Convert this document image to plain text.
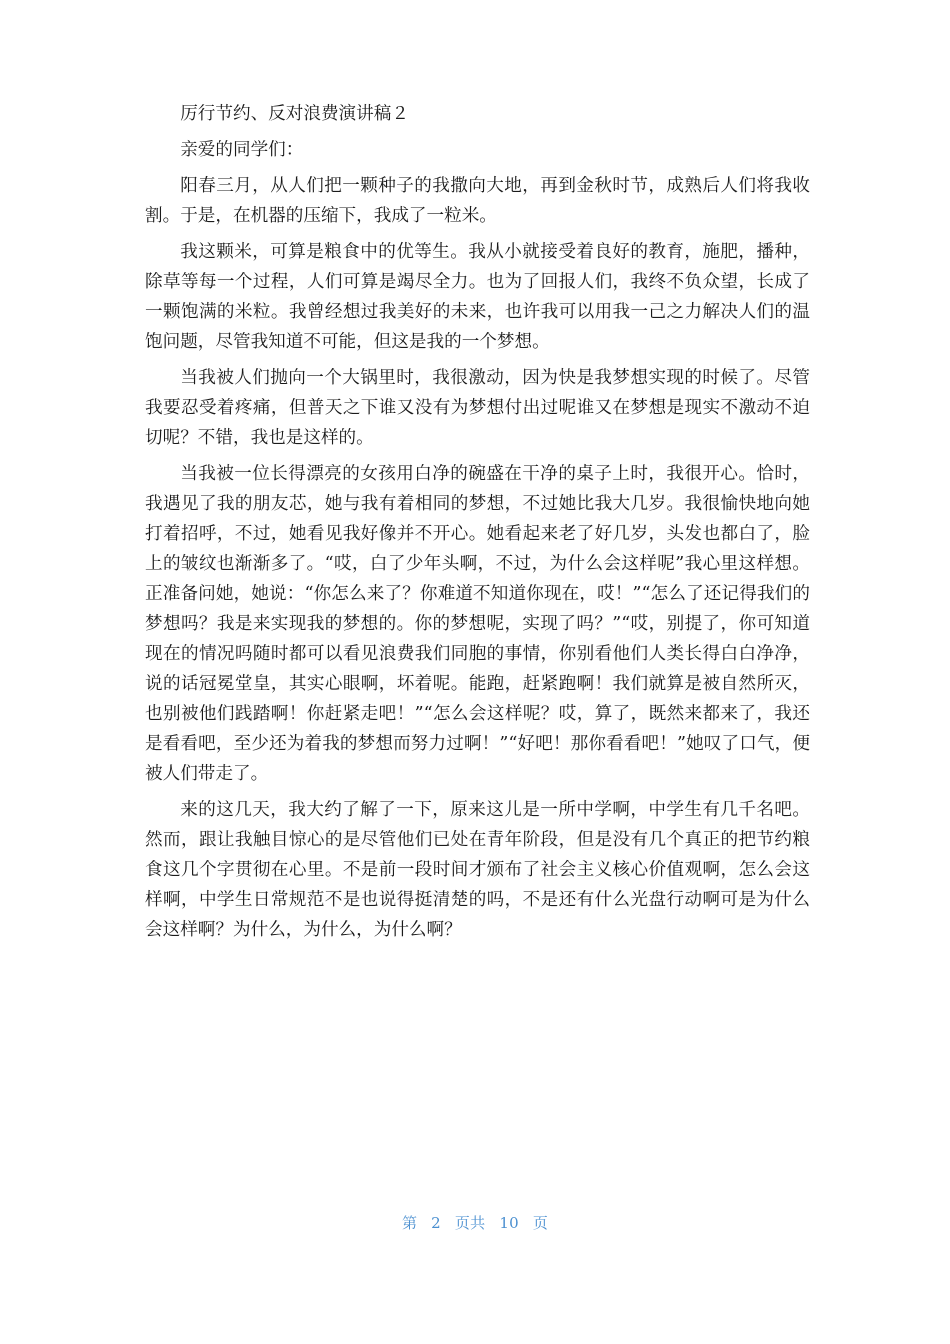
厉行节约、反对浪费演讲稿２

亲爱的同学们：

阳春三月，从人们把一颗种子的我撒向大地，再到金秋时节，成熟后人们将我收割。于是，在机器的压缩下，我成了一粒米。

我这颗米，可算是粮食中的优等生。我从小就接受着良好的教育，施肥，播种，除草等每一个过程，人们可算是竭尽全力。也为了回报人们，我终不负众望，长成了一颗饱满的米粒。我曾经想过我美好的未来，也许我可以用我一己之力解决人们的温饱问题，尽管我知道不可能，但这是我的一个梦想。

当我被人们抛向一个大锅里时，我很激动，因为快是我梦想实现的时候了。尽管我要忍受着疼痛，但普天之下谁又没有为梦想付出过呢谁又在梦想是现实不激动不迫切呢？不错，我也是这样的。

当我被一位长得漂亮的女孩用白净的碗盛在干净的桌子上时，我很开心。恰时，我遇见了我的朋友芯，她与我有着相同的梦想，不过她比我大几岁。我很愉快地向她打着招呼，不过，她看见我好像并不开心。她看起来老了好几岁，头发也都白了，脸上的皱纹也渐渐多了。“哎，白了少年头啊，不过，为什么会这样呢”我心里这样想。正准备问她，她说：“你怎么来了？你难道不知道你现在，哎！”“怎么了还记得我们的梦想吗？我是来实现我的梦想的。你的梦想呢，实现了吗？”“哎，别提了，你可知道现在的情况吗随时都可以看见浪费我们同胞的事情，你别看他们人类长得白白净净，说的话冠冕堂皇，其实心眼啊，坏着呢。能跑，赶紧跑啊！我们就算是被自然所灭，也别被他们践踏啊！你赶紧走吧！”“怎么会这样呢？哎，算了，既然来都来了，我还是看看吧，至少还为着我的梦想而努力过啊！”“好吧！那你看看吧！”她叹了口气，便被人们带走了。

来的这几天，我大约了解了一下，原来这儿是一所中学啊，中学生有几千名吧。然而，跟让我触目惊心的是尽管他们已处在青年阶段，但是没有几个真正的把节约粮食这几个字贯彻在心里。不是前一段时间才颁布了社会主义核心价值观啊，怎么会这样啊，中学生日常规范不是也说得挺清楚的吗，不是还有什么光盘行动啊可是为什么会这样啊？为什么，为什么，为什么啊？

第 2 页共 10 页
